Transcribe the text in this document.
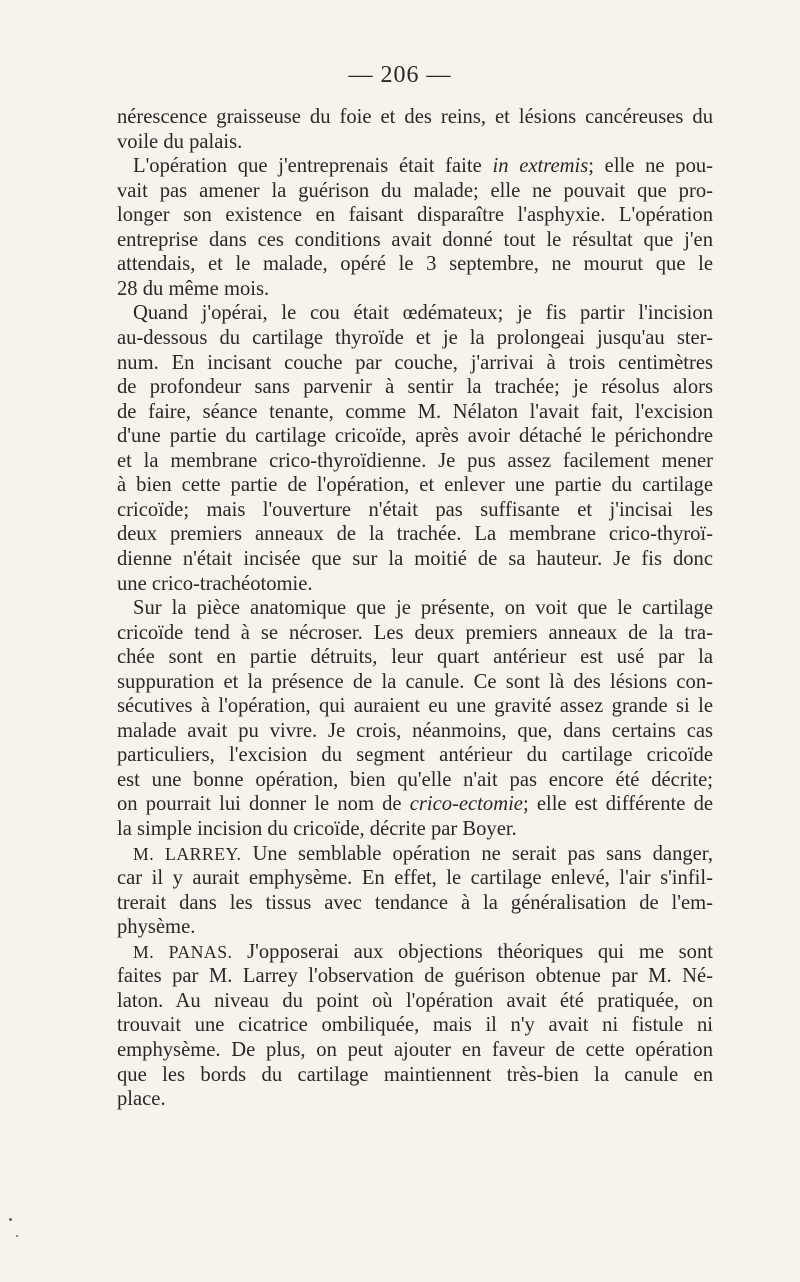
— 206 —
nérescence graisseuse du foie et des reins, et lésions cancéreuses du
voile du palais.
L'opération que j'entreprenais était faite in extremis; elle ne pou-
vait pas amener la guérison du malade; elle ne pouvait que pro-
longer son existence en faisant disparaître l'asphyxie. L'opération
entreprise dans ces conditions avait donné tout le résultat que j'en
attendais, et le malade, opéré le 3 septembre, ne mourut que le
28 du même mois.
Quand j'opérai, le cou était œdémateux; je fis partir l'incision
au-dessous du cartilage thyroïde et je la prolongeai jusqu'au ster-
num. En incisant couche par couche, j'arrivai à trois centimètres
de profondeur sans parvenir à sentir la trachée; je résolus alors
de faire, séance tenante, comme M. Nélaton l'avait fait, l'excision
d'une partie du cartilage cricoïde, après avoir détaché le périchondre
et la membrane crico-thyroïdienne. Je pus assez facilement mener
à bien cette partie de l'opération, et enlever une partie du cartilage
cricoïde; mais l'ouverture n'était pas suffisante et j'incisai les
deux premiers anneaux de la trachée. La membrane crico-thyroï-
dienne n'était incisée que sur la moitié de sa hauteur. Je fis donc
une crico-trachéotomie.
Sur la pièce anatomique que je présente, on voit que le cartilage
cricoïde tend à se nécroser. Les deux premiers anneaux de la tra-
chée sont en partie détruits, leur quart antérieur est usé par la
suppuration et la présence de la canule. Ce sont là des lésions con-
sécutives à l'opération, qui auraient eu une gravité assez grande si le
malade avait pu vivre. Je crois, néanmoins, que, dans certains cas
particuliers, l'excision du segment antérieur du cartilage cricoïde
est une bonne opération, bien qu'elle n'ait pas encore été décrite;
on pourrait lui donner le nom de crico-ectomie; elle est différente de
la simple incision du cricoïde, décrite par Boyer.
M. LARREY. Une semblable opération ne serait pas sans danger,
car il y aurait emphysème. En effet, le cartilage enlevé, l'air s'infil-
trerait dans les tissus avec tendance à la généralisation de l'em-
physème.
M. PANAS. J'opposerai aux objections théoriques qui me sont
faites par M. Larrey l'observation de guérison obtenue par M. Né-
laton. Au niveau du point où l'opération avait été pratiquée, on
trouvait une cicatrice ombiliquée, mais il n'y avait ni fistule ni
emphysème. De plus, on peut ajouter en faveur de cette opération
que les bords du cartilage maintiennent très-bien la canule en
place.
